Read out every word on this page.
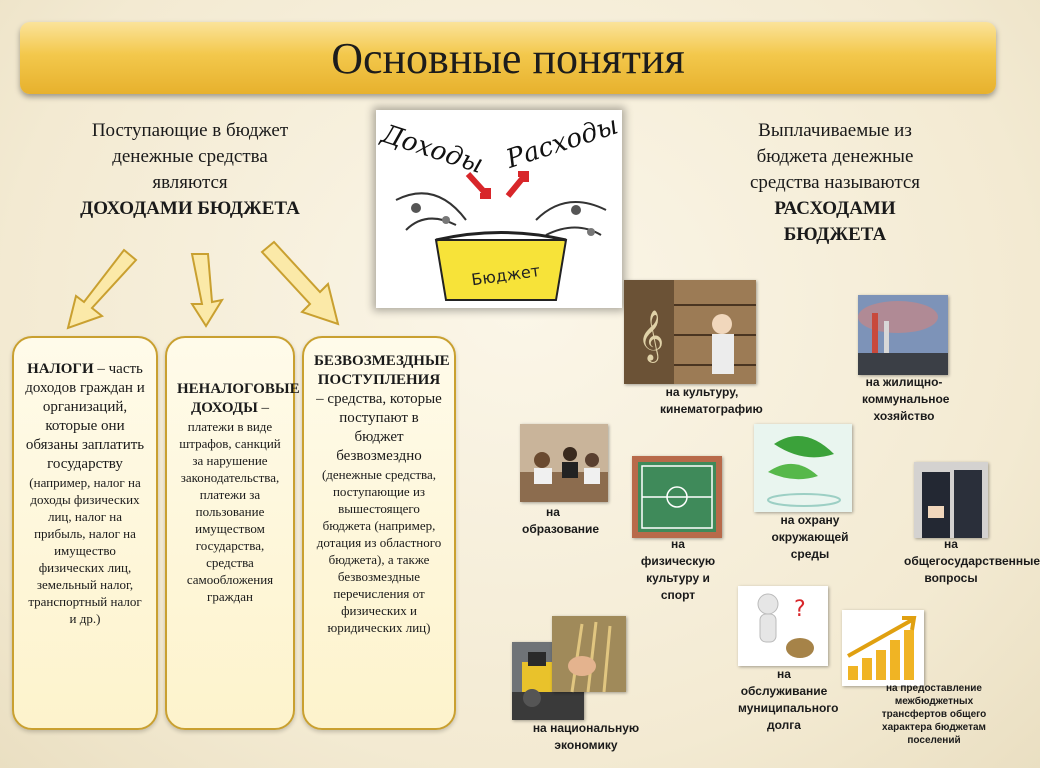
Основные понятия
Поступающие в бюджет денежные средства являются
ДОХОДАМИ БЮДЖЕТА
Выплачиваемые из бюджета денежные средства называются
РАСХОДАМИ БЮДЖЕТА
Доходы Расходы
Бюджет
НАЛОГИ – часть доходов граждан и организаций, которые они обязаны заплатить государству
(например, налог на доходы физических лиц, налог на прибыль, налог на имущество физических лиц, земельный налог, транспортный налог и др.)
НЕНАЛОГОВЫЕ ДОХОДЫ –
платежи в виде штрафов, санкций за нарушение законодательства, платежи за пользование имуществом государства, средства самообложения граждан
БЕЗВОЗМЕЗДНЫЕ ПОСТУПЛЕНИЯ – средства, которые поступают в бюджет безвозмездно
(денежные средства, поступающие из вышестоящего бюджета (например, дотация из областного бюджета), а также безвозмездные перечисления от физических и юридических лиц)
𝄞
на культуру, кинематографию
на жилищно-коммунальное хозяйство
на образование
на физическую культуру и спорт
на охрану окружающей среды
на общегосударственные вопросы
на национальную экономику
?
на обслуживание муниципального долга
на предоставление межбюджетных трансфертов общего характера бюджетам поселений
